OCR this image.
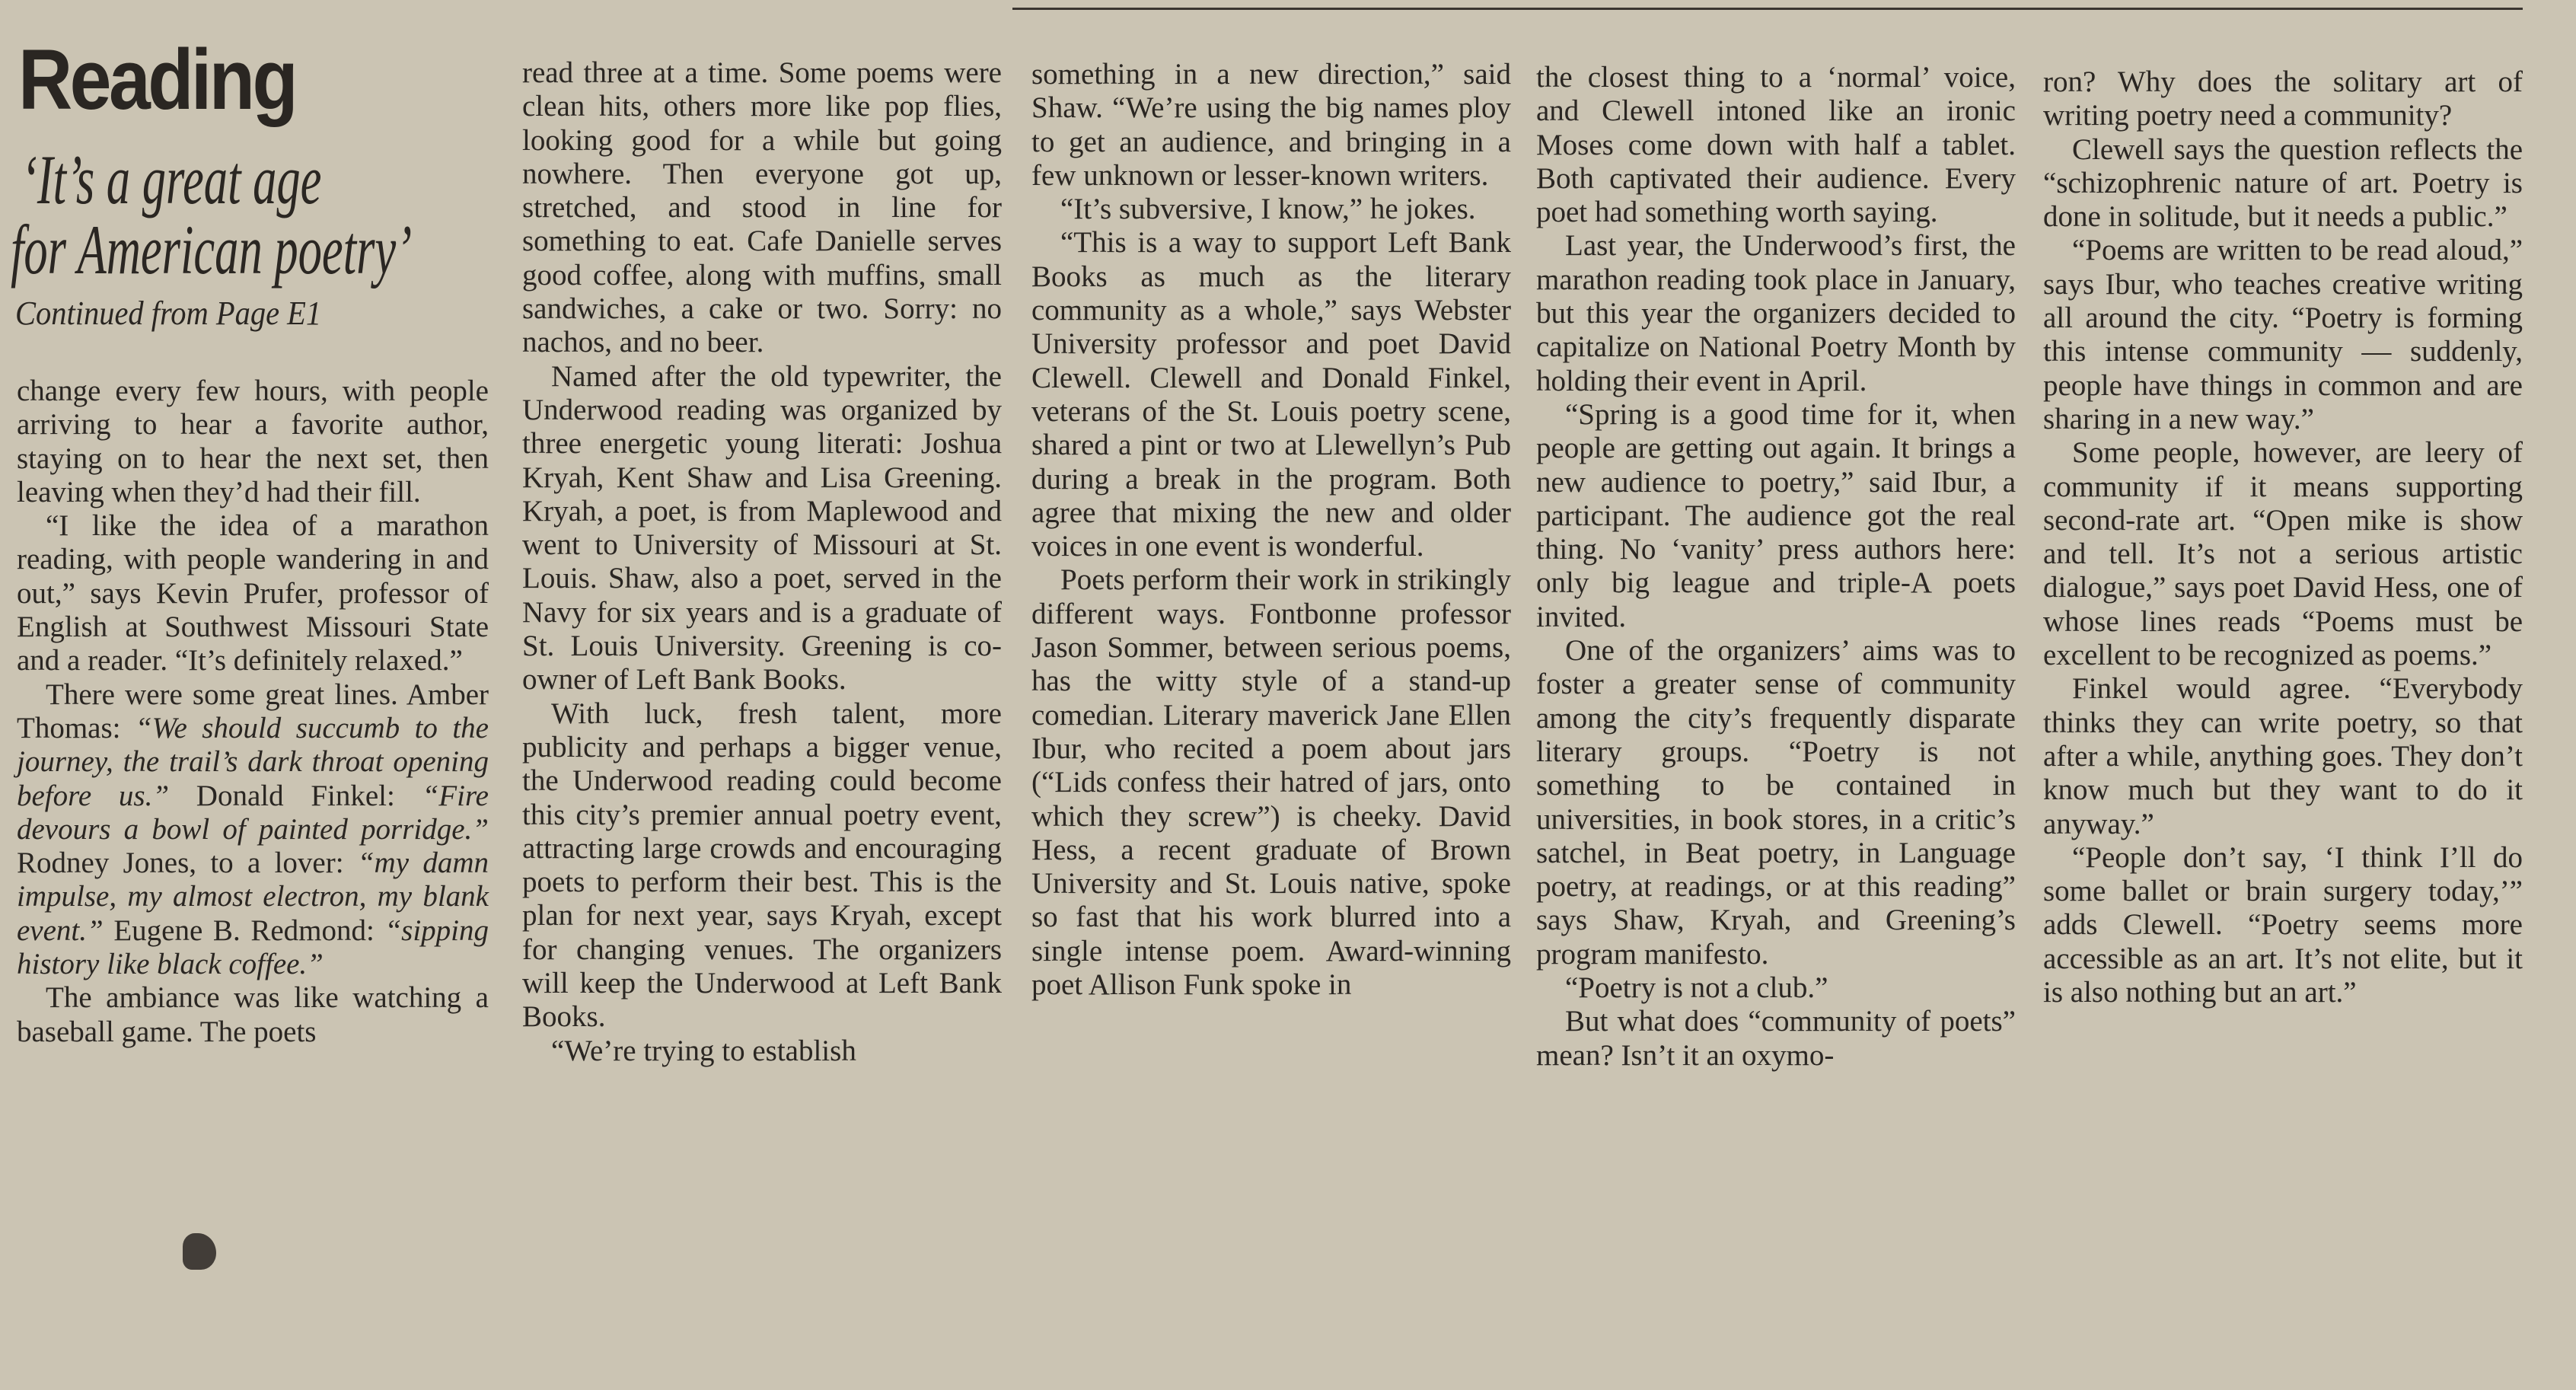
Reading
‘It’s a great age
for American poetry’
Continued from Page E1

change every few hours, with people arriving to hear a favorite author, staying on to hear the next set, then leaving when they’d had their fill.

“I like the idea of a marathon reading, with people wandering in and out,” says Kevin Prufer, professor of English at Southwest Missouri State and a reader. “It’s definitely relaxed.”

There were some great lines. Amber Thomas: “We should succumb to the journey, the trail’s dark throat opening before us.” Donald Finkel: “Fire devours a bowl of painted porridge.” Rodney Jones, to a lover: “my damn impulse, my almost electron, my blank event.” Eugene B. Redmond: “sipping history like black coffee.”

The ambiance was like watching a baseball game. The poets

read three at a time. Some poems were clean hits, others more like pop flies, looking good for a while but going nowhere. Then everyone got up, stretched, and stood in line for something to eat. Cafe Danielle serves good coffee, along with muffins, small sandwiches, a cake or two. Sorry: no nachos, and no beer.

Named after the old typewriter, the Underwood reading was organized by three energetic young literati: Joshua Kryah, Kent Shaw and Lisa Greening. Kryah, a poet, is from Maplewood and went to University of Missouri at St. Louis. Shaw, also a poet, served in the Navy for six years and is a graduate of St. Louis University. Greening is co-owner of Left Bank Books.

With luck, fresh talent, more publicity and perhaps a bigger venue, the Underwood reading could become this city’s premier annual poetry event, attracting large crowds and encouraging poets to perform their best. This is the plan for next year, says Kryah, except for changing venues. The organizers will keep the Underwood at Left Bank Books.

“We’re trying to establish

something in a new direction,” said Shaw. “We’re using the big names ploy to get an audience, and bringing in a few unknown or lesser-known writers.

“It’s subversive, I know,” he jokes.

“This is a way to support Left Bank Books as much as the literary community as a whole,” says Webster University professor and poet David Clewell. Clewell and Donald Finkel, veterans of the St. Louis poetry scene, shared a pint or two at Llewellyn’s Pub during a break in the program. Both agree that mixing the new and older voices in one event is wonderful.

Poets perform their work in strikingly different ways. Fontbonne professor Jason Sommer, between serious poems, has the witty style of a stand-up comedian. Literary maverick Jane Ellen Ibur, who recited a poem about jars (“Lids confess their hatred of jars, onto which they screw”) is cheeky. David Hess, a recent graduate of Brown University and St. Louis native, spoke so fast that his work blurred into a single intense poem. Award-winning poet Allison Funk spoke in

the closest thing to a ‘normal’ voice, and Clewell intoned like an ironic Moses come down with half a tablet. Both captivated their audience. Every poet had something worth saying.

Last year, the Underwood’s first, the marathon reading took place in January, but this year the organizers decided to capitalize on National Poetry Month by holding their event in April.

“Spring is a good time for it, when people are getting out again. It brings a new audience to poetry,” said Ibur, a participant. The audience got the real thing. No ‘vanity’ press authors here: only big league and triple-A poets invited.

One of the organizers’ aims was to foster a greater sense of community among the city’s frequently disparate literary groups. “Poetry is not something to be contained in universities, in book stores, in a critic’s satchel, in Beat poetry, in Language poetry, at readings, or at this reading” says Shaw, Kryah, and Greening’s program manifesto.

“Poetry is not a club.”

But what does “community of poets” mean? Isn’t it an oxymo-

ron? Why does the solitary art of writing poetry need a community?

Clewell says the question reflects the “schizophrenic nature of art. Poetry is done in solitude, but it needs a public.”

“Poems are written to be read aloud,” says Ibur, who teaches creative writing all around the city. “Poetry is forming this intense community — suddenly, people have things in common and are sharing in a new way.”

Some people, however, are leery of community if it means supporting second-rate art. “Open mike is show and tell. It’s not a serious artistic dialogue,” says poet David Hess, one of whose lines reads “Poems must be excellent to be recognized as poems.”

Finkel would agree. “Everybody thinks they can write poetry, so that after a while, anything goes. They don’t know much but they want to do it anyway.”

“People don’t say, ‘I think I’ll do some ballet or brain surgery today,’” adds Clewell. “Poetry seems more accessible as an art. It’s not elite, but it is also nothing but an art.”
